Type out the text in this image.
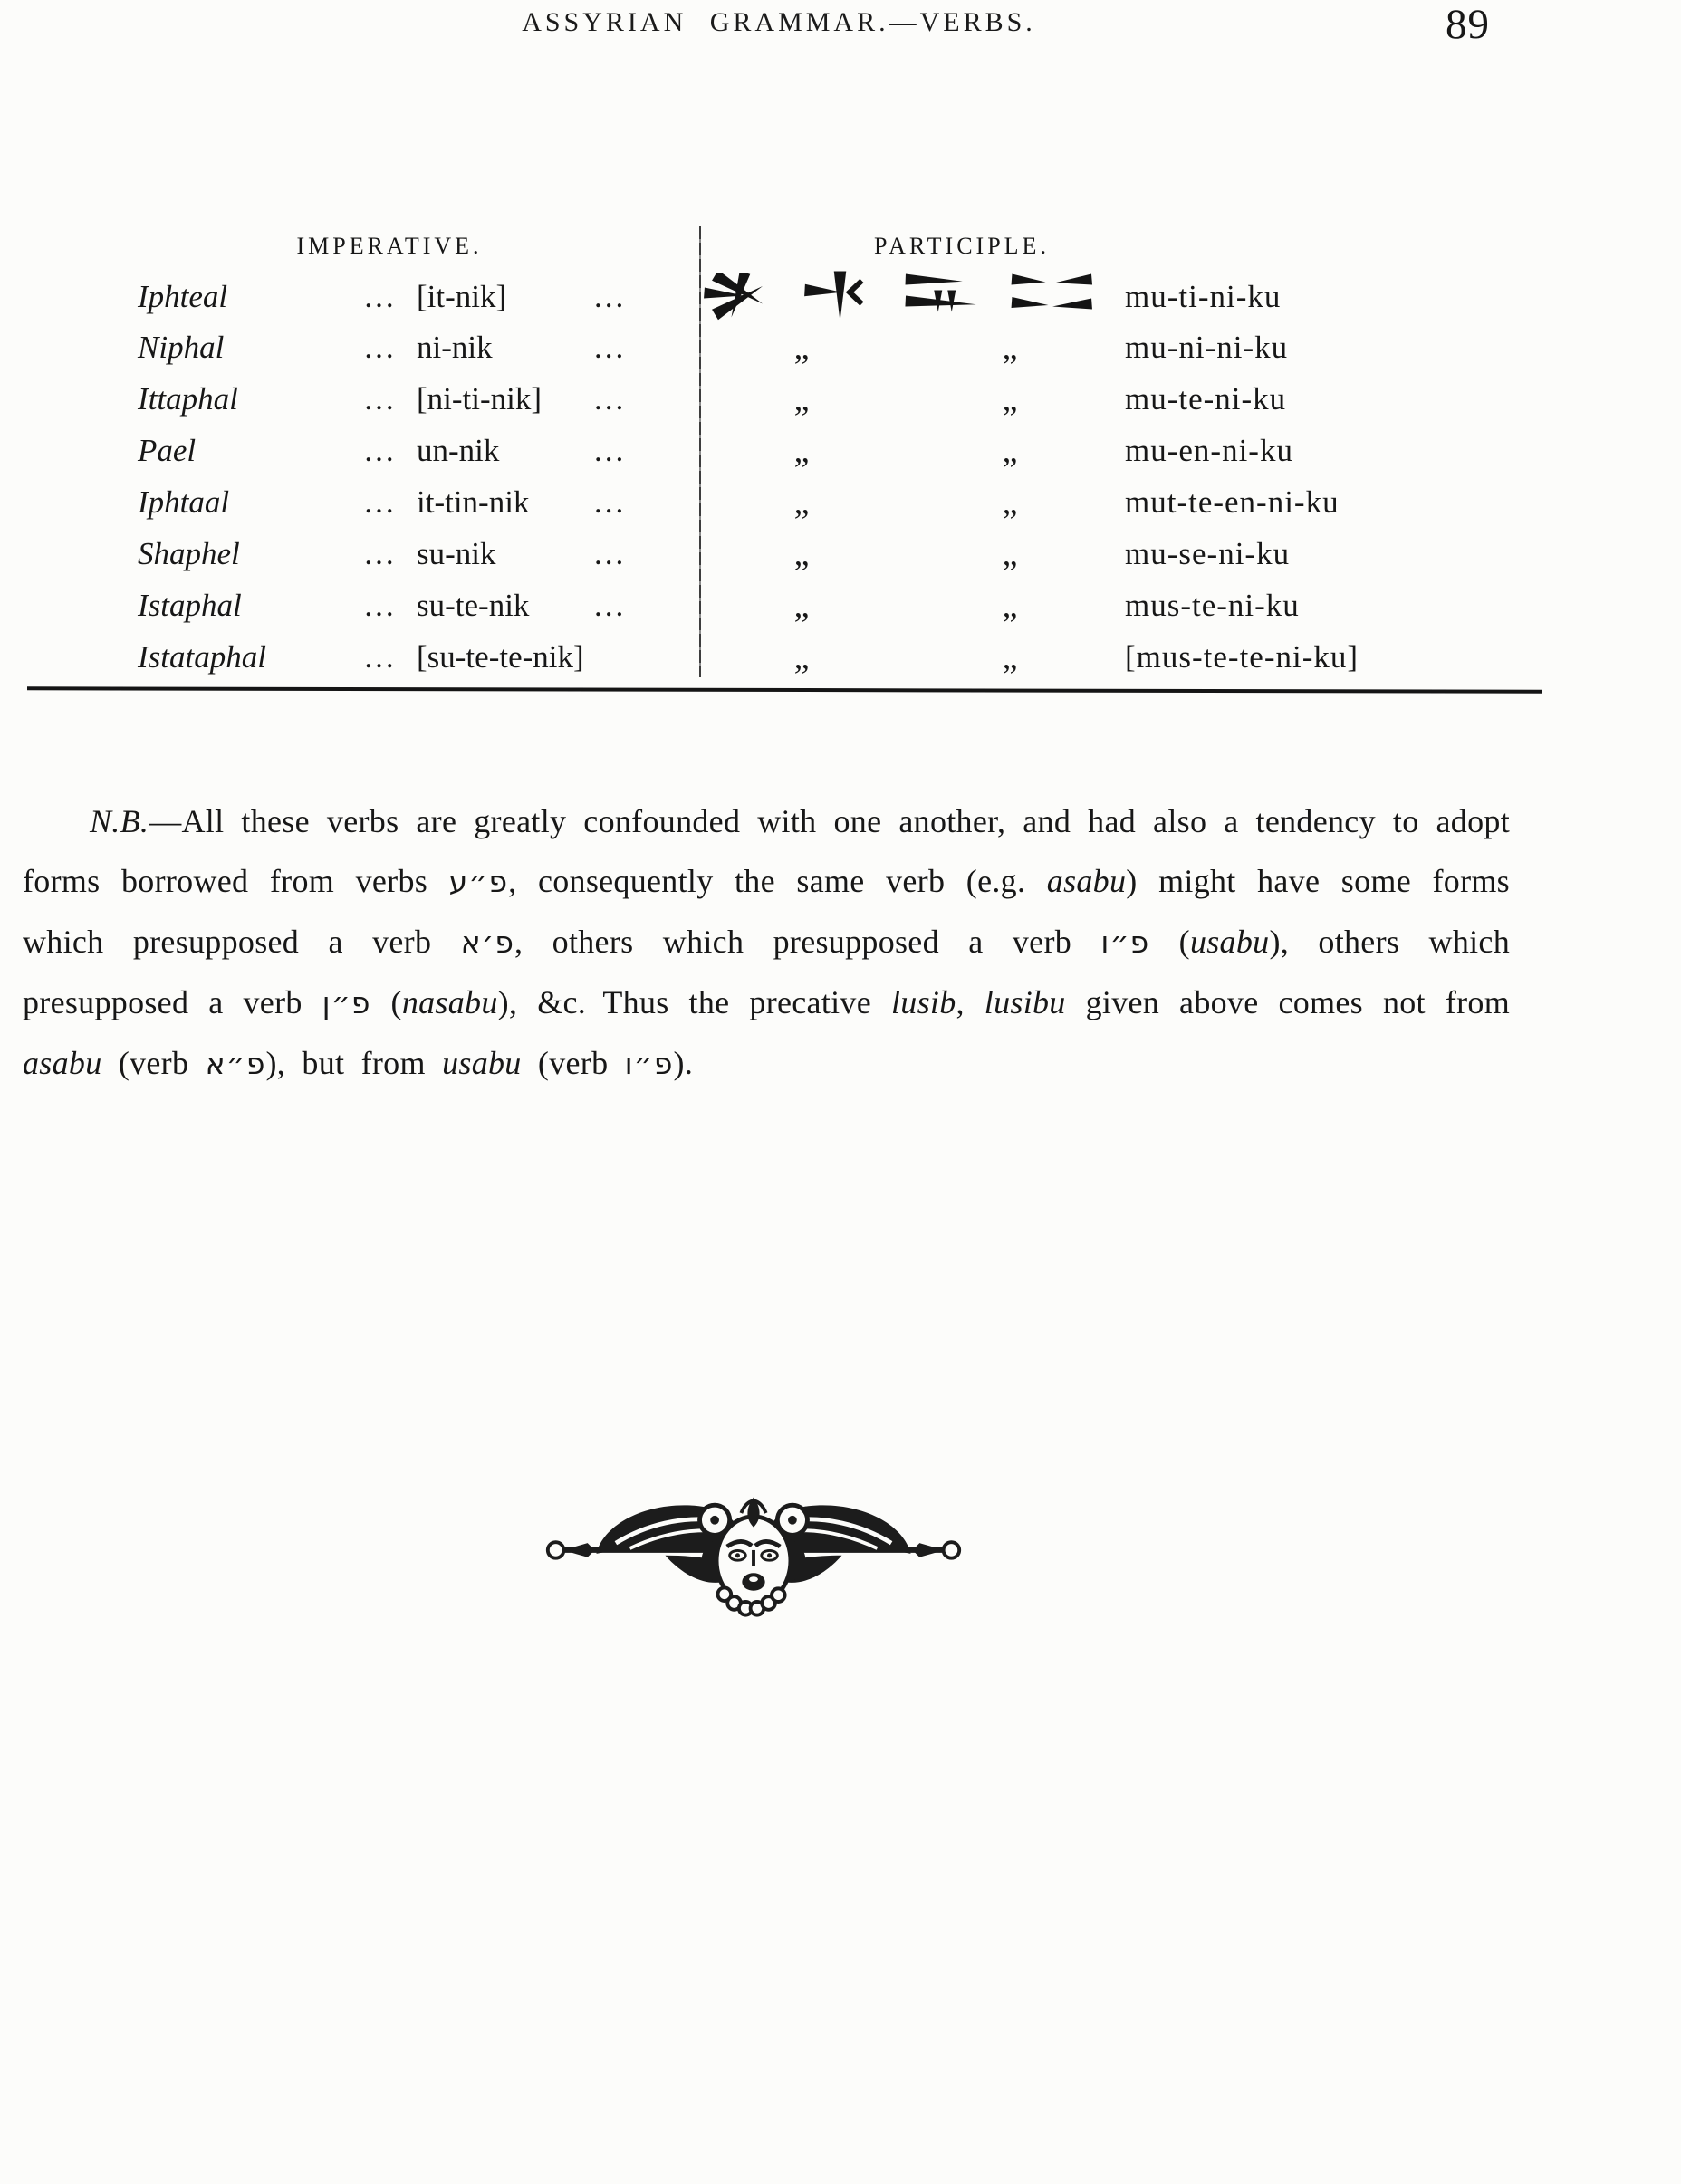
ASSYRIAN GRAMMAR.—VERBS.	89
IMPERATIVE.	PARTICIPLE.
Iphteal	... [it-nik]	...	mu-ti-ni-ku
Niphal	... ni-nik	...	„	„	mu-ni-ni-ku
Ittaphal	... [ni-ti-nik]	...	„	„	mu-te-ni-ku
Pael	... un-nik	...	„	„	mu-en-ni-ku
Iphtaal	... it-tin-nik	...	„	„	mut-te-en-ni-ku
Shaphel	... su-nik	...	„	„	mu-se-ni-ku
Istaphal	... su-te-nik	...	„	„	mus-te-ni-ku
Istataphal	... [su-te-te-nik]	„	„	[mus-te-te-ni-ku]

N.B.—All these verbs are greatly confounded with one another, and had also a tendency to adopt forms borrowed from verbs פ״ע, consequently the same verb (e.g. asabu) might have some forms which presupposed a verb פ׳א, others which presupposed a verb פ״ו (usabu), others which presupposed a verb פ״ן (nasabu), &c. Thus the precative lusib, lusibu given above comes not from asabu (verb פ״א), but from usabu (verb פ״ו).
